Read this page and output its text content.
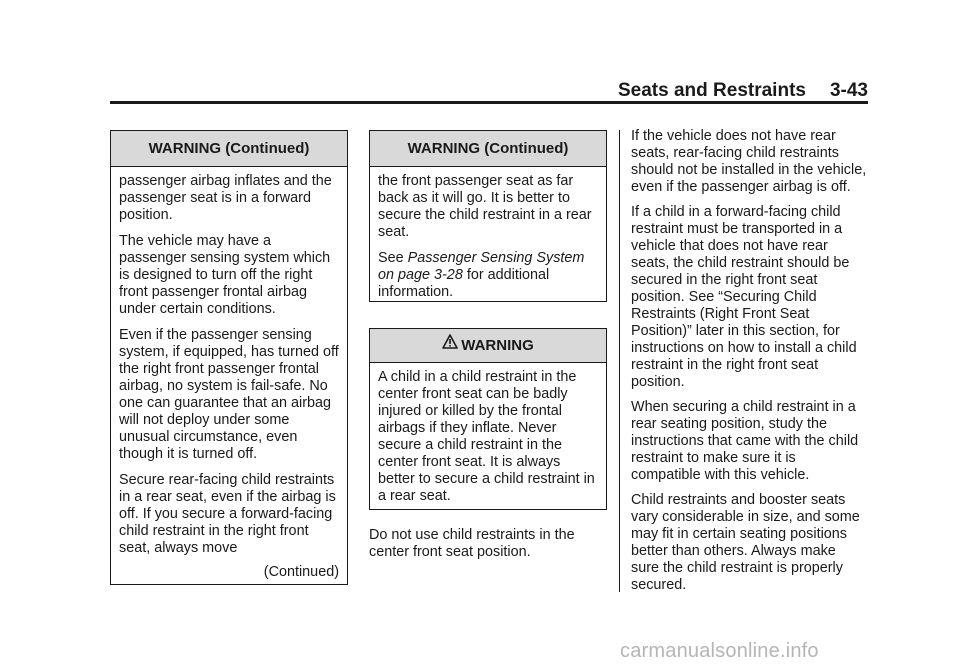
Seats and Restraints 3-43
WARNING (Continued)

passenger airbag inflates and the passenger seat is in a forward position.

The vehicle may have a passenger sensing system which is designed to turn off the right front passenger frontal airbag under certain conditions.

Even if the passenger sensing system, if equipped, has turned off the right front passenger frontal airbag, no system is fail-safe. No one can guarantee that an airbag will not deploy under some unusual circumstance, even though it is turned off.

Secure rear-facing child restraints in a rear seat, even if the airbag is off. If you secure a forward-facing child restraint in the right front seat, always move

(Continued)
WARNING (Continued)

the front passenger seat as far back as it will go. It is better to secure the child restraint in a rear seat.

See Passenger Sensing System on page 3-28 for additional information.

WARNING

A child in a child restraint in the center front seat can be badly injured or killed by the frontal airbags if they inflate. Never secure a child restraint in the center front seat. It is always better to secure a child restraint in a rear seat.

Do not use child restraints in the center front seat position.

If the vehicle does not have rear seats, rear-facing child restraints should not be installed in the vehicle, even if the passenger airbag is off.

If a child in a forward-facing child restraint must be transported in a vehicle that does not have rear seats, the child restraint should be secured in the right front seat position. See “Securing Child Restraints (Right Front Seat Position)” later in this section, for instructions on how to install a child restraint in the right front seat position.

When securing a child restraint in a rear seating position, study the instructions that came with the child restraint to make sure it is compatible with this vehicle.

Child restraints and booster seats vary considerable in size, and some may fit in certain seating positions better than others. Always make sure the child restraint is properly secured.

carmanualsonline.info
